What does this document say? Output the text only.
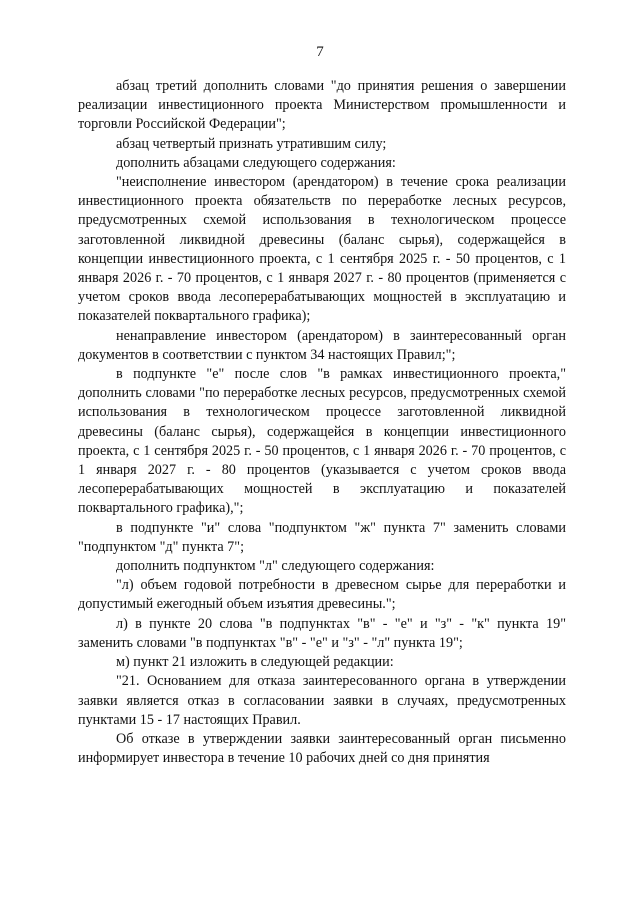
7

абзац третий дополнить словами "до принятия решения о завершении реализации инвестиционного проекта Министерством промышленности и торговли Российской Федерации";

абзац четвертый признать утратившим силу;

дополнить абзацами следующего содержания:

"неисполнение инвестором (арендатором) в течение срока реализации инвестиционного проекта обязательств по переработке лесных ресурсов, предусмотренных схемой использования в технологическом процессе заготовленной ликвидной древесины (баланс сырья), содержащейся в концепции инвестиционного проекта, с 1 сентября 2025 г. - 50 процентов, с 1 января 2026 г. - 70 процентов, с 1 января 2027 г. - 80 процентов (применяется с учетом сроков ввода лесоперерабатывающих мощностей в эксплуатацию и показателей поквартального графика);

ненаправление инвестором (арендатором) в заинтересованный орган документов в соответствии с пунктом 34 настоящих Правил;";

в подпункте "е" после слов "в рамках инвестиционного проекта," дополнить словами "по переработке лесных ресурсов, предусмотренных схемой использования в технологическом процессе заготовленной ликвидной древесины (баланс сырья), содержащейся в концепции инвестиционного проекта, с 1 сентября 2025 г. - 50 процентов, с 1 января 2026 г. - 70 процентов, с 1 января 2027 г. - 80 процентов (указывается с учетом сроков ввода лесоперерабатывающих мощностей в эксплуатацию и показателей поквартального графика),";

в подпункте "и" слова "подпунктом "ж" пункта 7" заменить словами "подпунктом "д" пункта 7";

дополнить подпунктом "л" следующего содержания:

"л) объем годовой потребности в древесном сырье для переработки и допустимый ежегодный объем изъятия древесины.";

л) в пункте 20 слова "в подпунктах "в" - "е" и "з" - "к" пункта 19" заменить словами "в подпунктах "в" - "е" и "з" - "л" пункта 19";

м) пункт 21 изложить в следующей редакции:

"21. Основанием для отказа заинтересованного органа в утверждении заявки является отказ в согласовании заявки в случаях, предусмотренных пунктами 15 - 17 настоящих Правил.

Об отказе в утверждении заявки заинтересованный орган письменно информирует инвестора в течение 10 рабочих дней со дня принятия
